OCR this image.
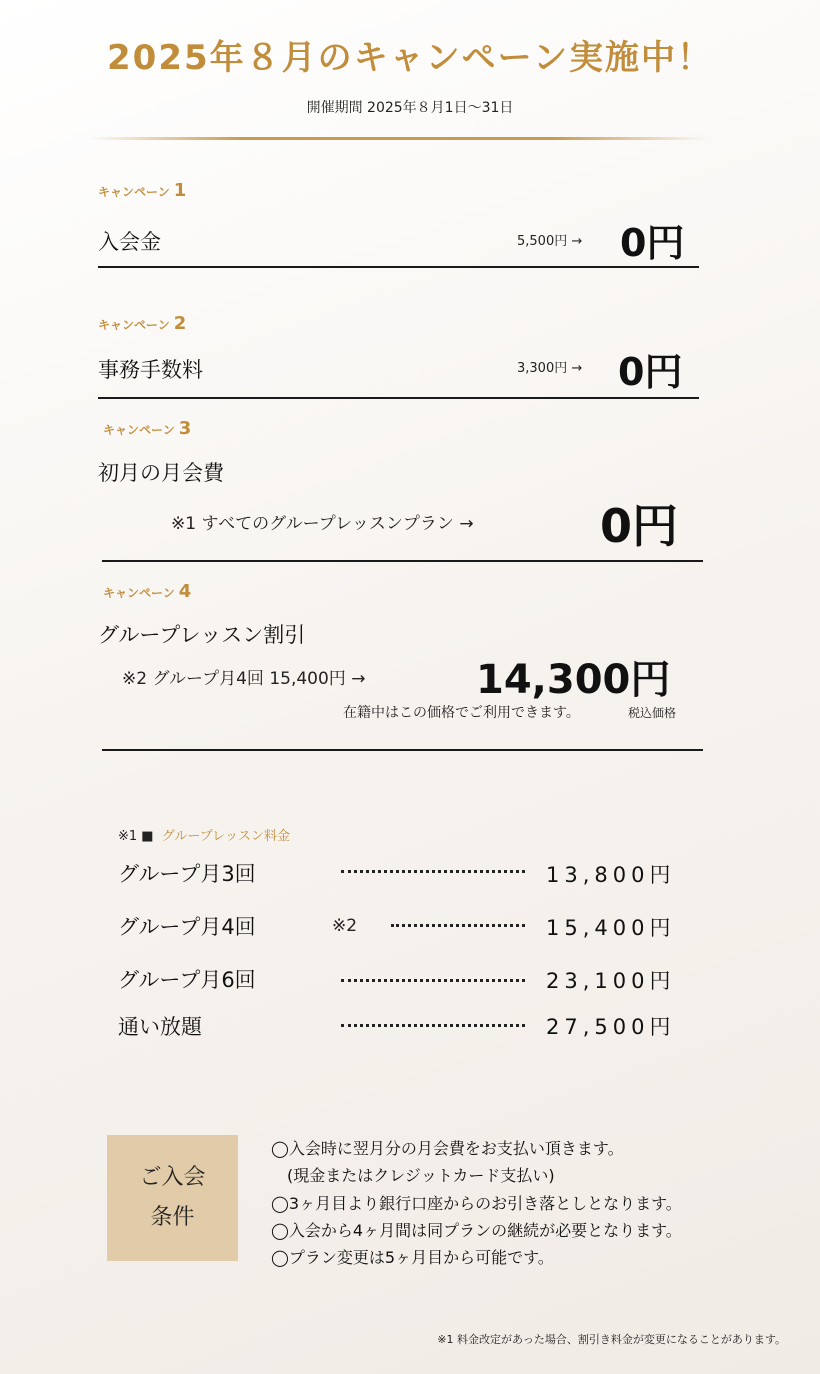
2025年８月のキャンペーン実施中！
開催期間 2025年８月1日〜31日
キャンペーン 1
入会金	5,500円 → 0円
キャンペーン 2
事務手数料	3,300円 → 0円
キャンペーン 3
初月の月会費
※1 すべてのグループレッスンプラン →	0円
キャンペーン 4
グループレッスン割引
※2 グループ月4回 15,400円 →	14,300円
在籍中はこの価格でご利用できます。	税込価格
※1 ■ グループレッスン料金
グループ月3回	13,800円
グループ月4回	※2	15,400円
グループ月6回	23,100円
通い放題	27,500円
ご入会 条件
◯入会時に翌月分の月会費をお支払い頂きます。
　(現金またはクレジットカード支払い)
◯3ヶ月目より銀行口座からのお引き落としとなります。
◯入会から4ヶ月間は同プランの継続が必要となります。
◯プラン変更は5ヶ月目から可能です。
※1 料金改定があった場合、割引き料金が変更になることがあります。
